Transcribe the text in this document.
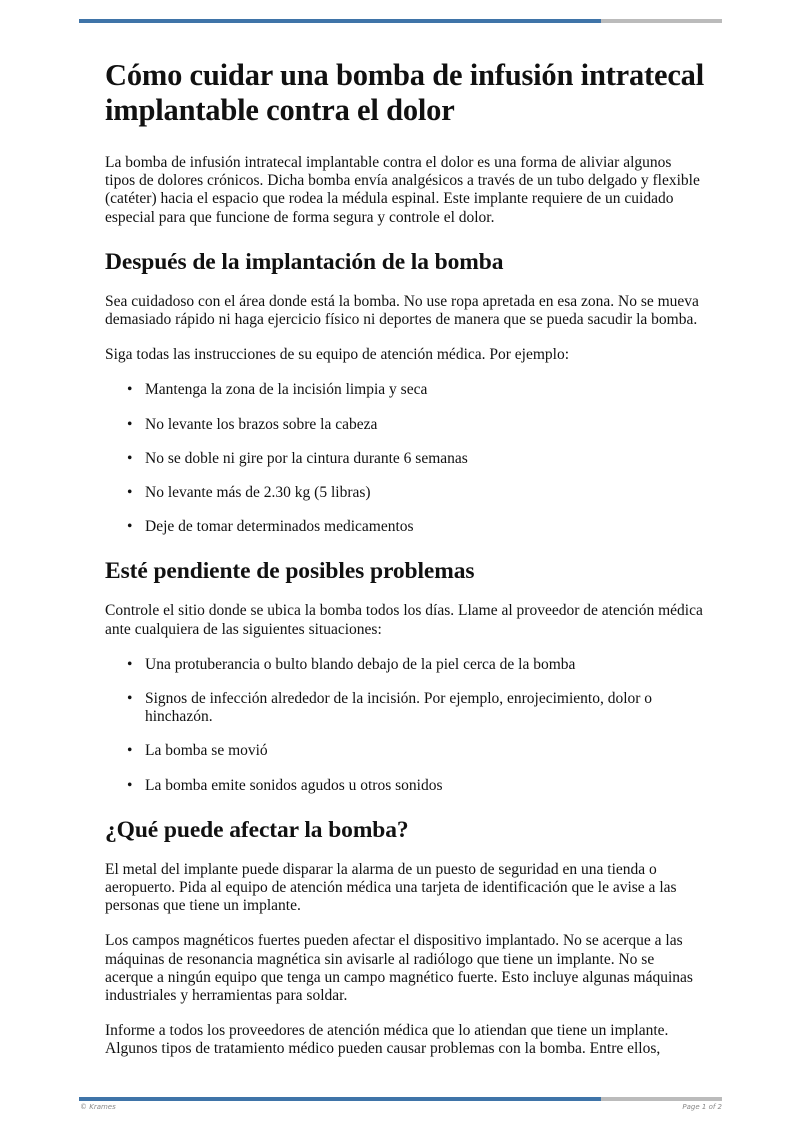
Cómo cuidar una bomba de infusión intratecal implantable contra el dolor

La bomba de infusión intratecal implantable contra el dolor es una forma de aliviar algunos tipos de dolores crónicos. Dicha bomba envía analgésicos a través de un tubo delgado y flexible (catéter) hacia el espacio que rodea la médula espinal. Este implante requiere de un cuidado especial para que funcione de forma segura y controle el dolor.

Después de la implantación de la bomba

Sea cuidadoso con el área donde está la bomba. No use ropa apretada en esa zona. No se mueva demasiado rápido ni haga ejercicio físico ni deportes de manera que se pueda sacudir la bomba.

Siga todas las instrucciones de su equipo de atención médica. Por ejemplo:

• Mantenga la zona de la incisión limpia y seca
• No levante los brazos sobre la cabeza
• No se doble ni gire por la cintura durante 6 semanas
• No levante más de 2.30 kg (5 libras)
• Deje de tomar determinados medicamentos
Esté pendiente de posibles problemas

Controle el sitio donde se ubica la bomba todos los días. Llame al proveedor de atención médica ante cualquiera de las siguientes situaciones:

• Una protuberancia o bulto blando debajo de la piel cerca de la bomba
• Signos de infección alrededor de la incisión. Por ejemplo, enrojecimiento, dolor o hinchazón.
• La bomba se movió
• La bomba emite sonidos agudos u otros sonidos
¿Qué puede afectar la bomba?

El metal del implante puede disparar la alarma de un puesto de seguridad en una tienda o aeropuerto. Pida al equipo de atención médica una tarjeta de identificación que le avise a las personas que tiene un implante.

Los campos magnéticos fuertes pueden afectar el dispositivo implantado. No se acerque a las máquinas de resonancia magnética sin avisarle al radiólogo que tiene un implante. No se acerque a ningún equipo que tenga un campo magnético fuerte. Esto incluye algunas máquinas industriales y herramientas para soldar.

Informe a todos los proveedores de atención médica que lo atiendan que tiene un implante. Algunos tipos de tratamiento médico pueden causar problemas con la bomba. Entre ellos,

© Krames	Page 1 of 2
